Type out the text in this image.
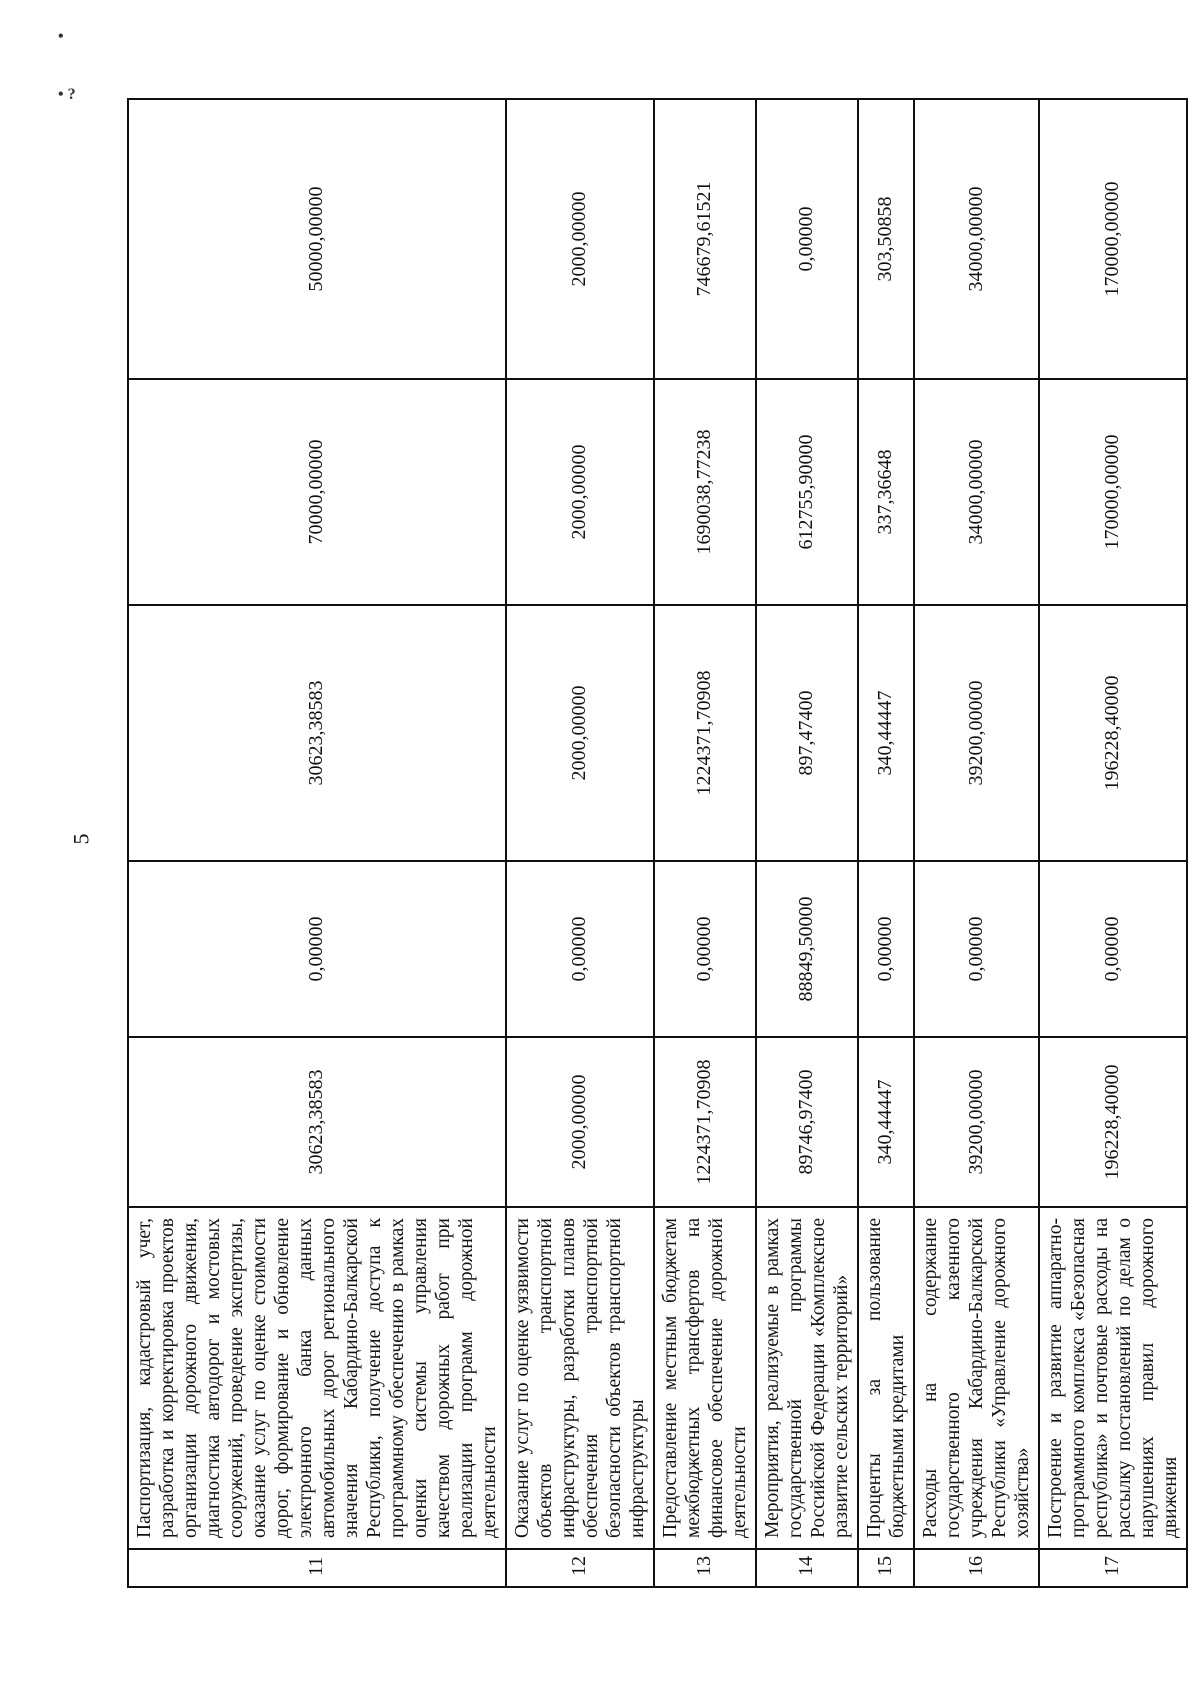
•
• ?
5
11	Паспортизация, кадастровый учет, разработка и корректировка проектов организации дорожного движения, диагностика автодорог и мостовых сооружений, проведение экспертизы, оказание услуг по оценке стоимости дорог, формирование и обновление электронного банка данных автомобильных дорог регионального значения Кабардино-Балкарской Республики, получение доступа к программному обеспечению в рамках оценки системы управления качеством дорожных работ при реализации программ дорожной деятельности	30623,38583	0,00000	30623,38583	70000,00000	50000,00000
12	Оказание услуг по оценке уязвимости объектов транспортной инфраструктуры, разработки планов обеспечения транспортной безопасности объектов транспортной инфраструктуры	2000,00000	0,00000	2000,00000	2000,00000	2000,00000
13	Предоставление местным бюджетам межбюджетных трансфертов на финансовое обеспечение дорожной деятельности	1224371,70908	0,00000	1224371,70908	1690038,77238	746679,61521
14	Мероприятия, реализуемые в рамках государственной программы Российской Федерации «Комплексное развитие сельских территорий»	89746,97400	88849,50000	897,47400	612755,90000	0,00000
15	Проценты за пользование бюджетными кредитами	340,44447	0,00000	340,44447	337,36648	303,50858
16	Расходы на содержание государственного казенного учреждения Кабардино-Балкарской Республики «Управление дорожного хозяйства»	39200,00000	0,00000	39200,00000	34000,00000	34000,00000
17	Построение и развитие аппаратно-программного комплекса «Безопасная республика» и почтовые расходы на рассылку постановлений по делам о нарушениях правил дорожного движения	196228,40000	0,00000	196228,40000	170000,00000	170000,00000
